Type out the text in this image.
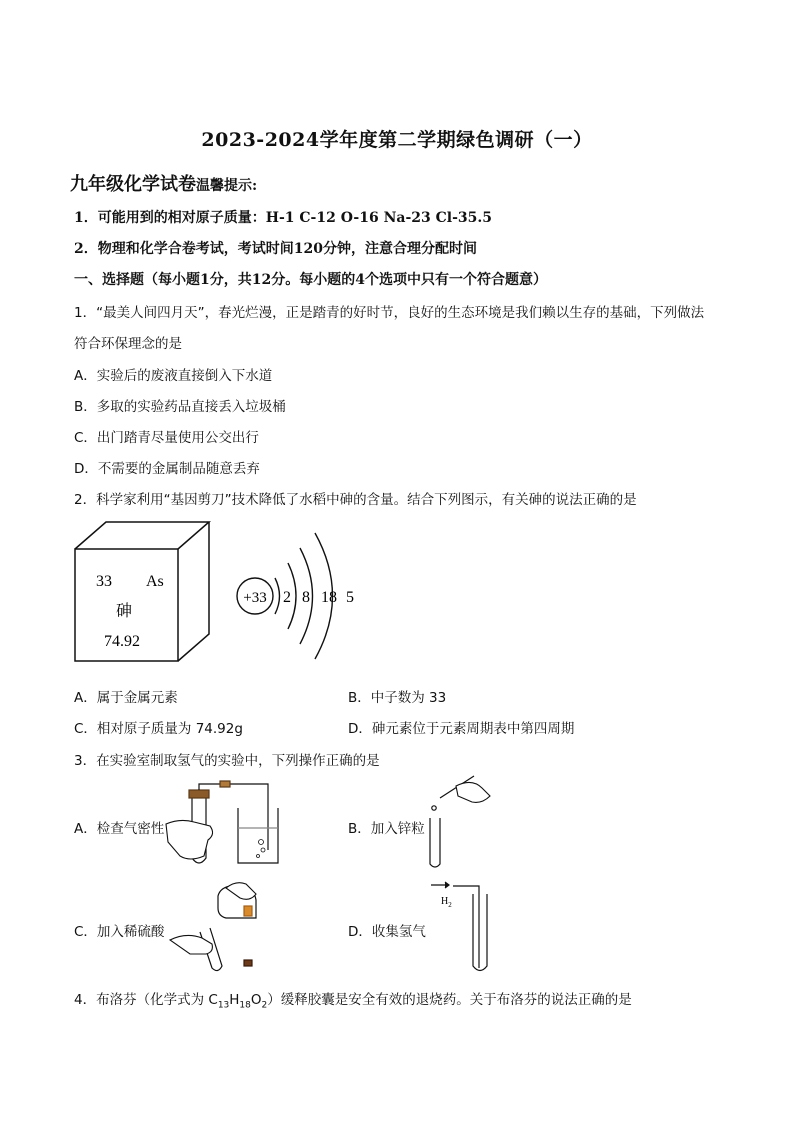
2023-2024学年度第二学期绿色调研（一）
九年级化学试卷温馨提示:
1．可能用到的相对原子质量：H-1 C-12 O-16 Na-23 Cl-35.5
2．物理和化学合卷考试，考试时间120分钟，注意合理分配时间
一、选择题（每小题1分，共12分。每小题的4个选项中只有一个符合题意）
1．“最美人间四月天”，春光烂漫，正是踏青的好时节，良好的生态环境是我们赖以生存的基础，下列做法
符合环保理念的是
A．实验后的废液直接倒入下水道
B．多取的实验药品直接丢入垃圾桶
C．出门踏青尽量使用公交出行
D．不需要的金属制品随意丢弃
2．科学家利用“基因剪刀”技术降低了水稻中砷的含量。结合下列图示，有关砷的说法正确的是
33 As
砷
74.92
+33 2 8 18 5
A．属于金属元素	B．中子数为 33
C．相对原子质量为 74.92g	D．砷元素位于元素周期表中第四周期
3．在实验室制取氢气的实验中，下列操作正确的是
A．检查气密性	B．加入锌粒
C．加入稀硫酸	D．收集氢气
$H_2$
4．布洛芬（化学式为 $C_{13}H_{18}O_2$）缓释胶囊是安全有效的退烧药。关于布洛芬的说法正确的是
